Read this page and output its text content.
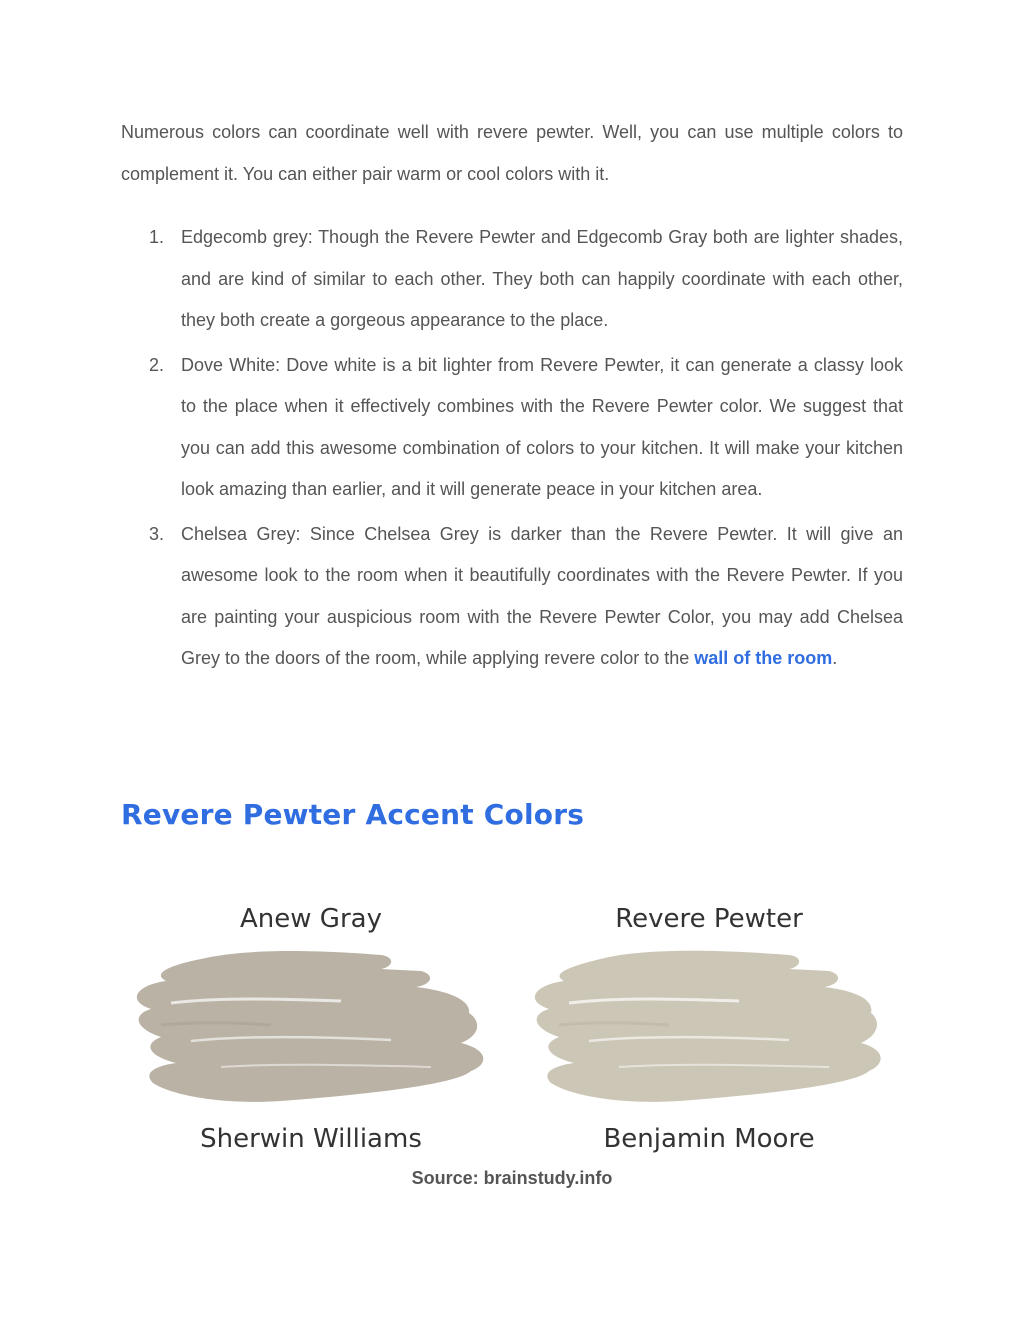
Numerous colors can coordinate well with revere pewter. Well, you can use multiple colors to complement it. You can either pair warm or cool colors with it.

1. Edgecomb grey: Though the Revere Pewter and Edgecomb Gray both are lighter shades, and are kind of similar to each other. They both can happily coordinate with each other, they both create a gorgeous appearance to the place.
2. Dove White: Dove white is a bit lighter from Revere Pewter, it can generate a classy look to the place when it effectively combines with the Revere Pewter color. We suggest that you can add this awesome combination of colors to your kitchen. It will make your kitchen look amazing than earlier, and it will generate peace in your kitchen area.
3. Chelsea Grey: Since Chelsea Grey is darker than the Revere Pewter. It will give an awesome look to the room when it beautifully coordinates with the Revere Pewter. If you are painting your auspicious room with the Revere Pewter Color, you may add Chelsea Grey to the doors of the room, while applying revere color to the wall of the room.
Revere Pewter Accent Colors
Anew Gray
Sherwin Williams
Revere Pewter
Benjamin Moore
Source: brainstudy.info
